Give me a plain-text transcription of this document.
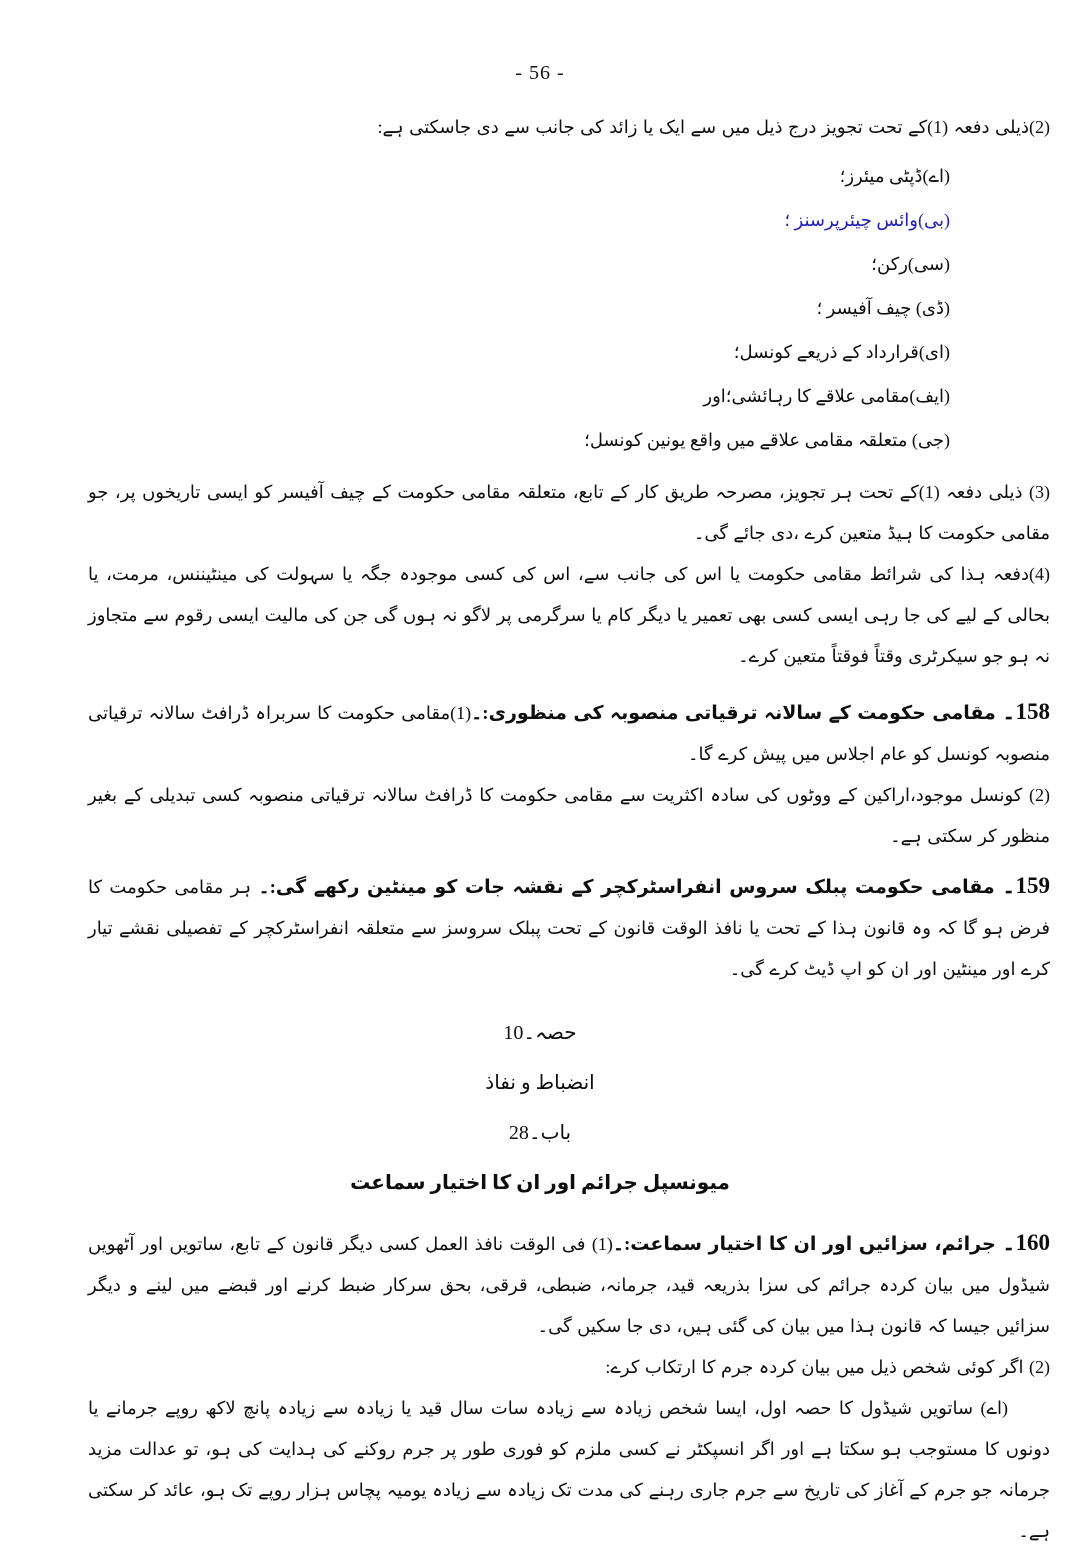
- 56 -

(2)ذیلی دفعہ (1)کے تحت تجویز درج ذیل میں سے ایک یا زائد کی جانب سے دی جاسکتی ہے:

(اے)ڈپٹی میئرز؛
(بی)وائس چیئرپرسنز ؛
(سی)رکن؛
(ڈی) چیف آفیسر ؛
(ای)قرارداد کے ذریعے کونسل؛
(ایف)مقامی علاقے کا رہائشی؛اور
(جی) متعلقہ مقامی علاقے میں واقع یونین کونسل؛

(3) ذیلی دفعہ (1)کے تحت ہر تجویز، مصرحہ طریق کار کے تابع، متعلقہ مقامی حکومت کے چیف آفیسر کو ایسی تاریخوں پر، جو مقامی حکومت کا ہیڈ متعین کرے ،دی جائے گی۔

(4)دفعہ ہذا کی شرائط مقامی حکومت یا اس کی جانب سے، اس کی کسی موجودہ جگہ یا سہولت کی مینٹیننس، مرمت، یا بحالی کے لیے کی جا رہی ایسی کسی بھی تعمیر یا دیگر کام یا سرگرمی پر لاگو نہ ہوں گی جن کی مالیت ایسی رقوم سے متجاوز نہ ہو جو سیکرٹری وقتاً فوقتاً متعین کرے۔

158۔ مقامی حکومت کے سالانہ ترقیاتی منصوبہ کی منظوری:۔(1)مقامی حکومت کا سربراہ ڈرافٹ سالانہ ترقیاتی منصوبہ کونسل کو عام اجلاس میں پیش کرے گا۔

(2) کونسل موجود،اراکین کے ووٹوں کی سادہ اکثریت سے مقامی حکومت کا ڈرافٹ سالانہ ترقیاتی منصوبہ کسی تبدیلی کے بغیر منظور کر سکتی ہے۔

159۔ مقامی حکومت پبلک سروس انفراسٹرکچر کے نقشہ جات کو مینٹین رکھے گی:۔ ہر مقامی حکومت کا فرض ہو گا کہ وہ قانون ہذا کے تحت یا نافذ الوقت قانون کے تحت پبلک سروسز سے متعلقہ انفراسٹرکچر کے تفصیلی نقشے تیار کرے اور مینٹین اور ان کو اپ ڈیٹ کرے گی۔

حصہ۔10
انضباط و نفاذ
باب۔28
میونسپل جرائم اور ان کا اختیار سماعت

160۔ جرائم، سزائیں اور ان کا اختیار سماعت:۔(1) فی الوقت نافذ العمل کسی دیگر قانون کے تابع، ساتویں اور آٹھویں شیڈول میں بیان کردہ جرائم کی سزا بذریعہ قید، جرمانہ، ضبطی، قرقی، بحق سرکار ضبط کرنے اور قبضے میں لینے و دیگر سزائیں جیسا کہ قانون ہذا میں بیان کی گئی ہیں، دی جا سکیں گی۔

(2) اگر کوئی شخص ذیل میں بیان کردہ جرم کا ارتکاب کرے:

(اے) ساتویں شیڈول کا حصہ اول، ایسا شخص زیادہ سے زیادہ سات سال قید یا زیادہ سے زیادہ پانچ لاکھ روپے جرمانے یا دونوں کا مستوجب ہو سکتا ہے اور اگر انسپکٹر نے کسی ملزم کو فوری طور پر جرم روکنے کی ہدایت کی ہو، تو عدالت مزید جرمانہ جو جرم کے آغاز کی تاریخ سے جرم جاری رہنے کی مدت تک زیادہ سے زیادہ یومیہ پچاس ہزار روپے تک ہو، عائد کر سکتی ہے۔
